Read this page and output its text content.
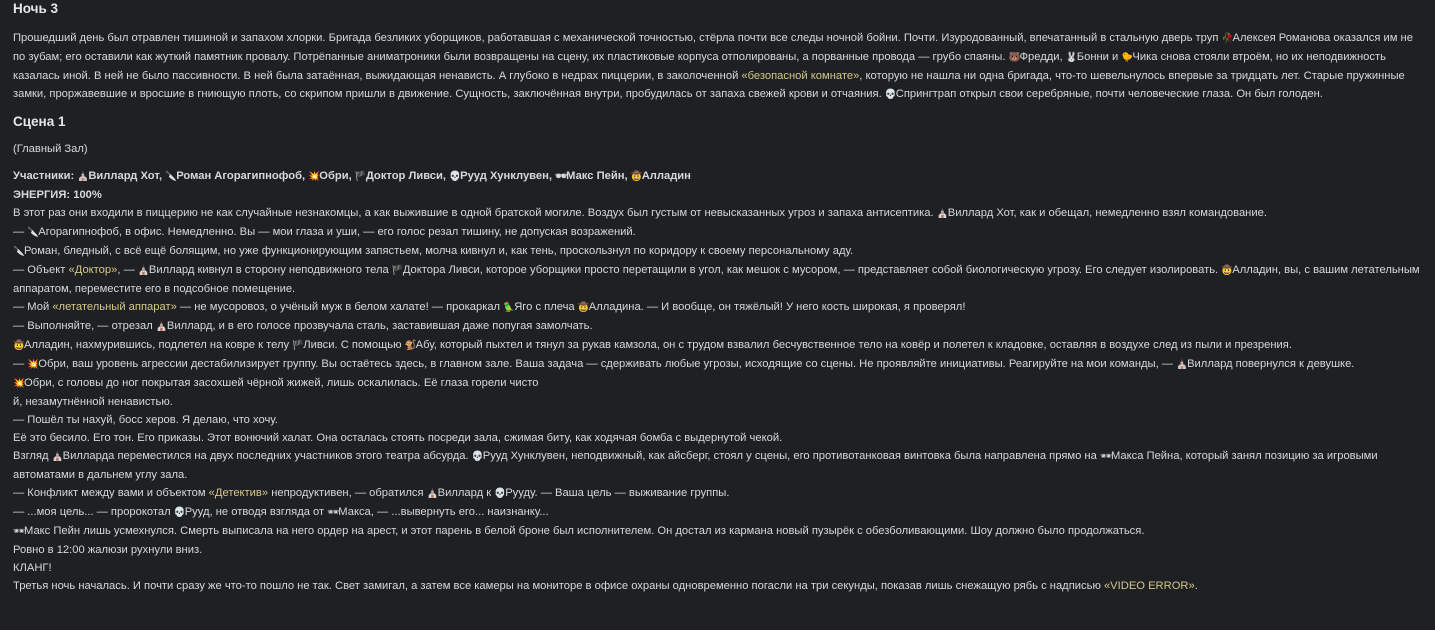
Ночь 3

Прошедший день был отравлен тишиной и запахом хлорки. Бригада безликих уборщиков, работавшая с механической точностью, стёрла почти все следы ночной бойни. Почти. Изуродованный, впечатанный в стальную дверь труп 🥀Алексея Романова оказался им не по зубам; его оставили как жуткий памятник провалу. Потрёпанные аниматроники были возвращены на сцену, их пластиковые корпуса отполированы, а порванные провода — грубо спаяны. 🐻Фредди, 🐰Бонни и 🐤Чика снова стояли втроём, но их неподвижность казалась иной. В ней не было пассивности. В ней была затаённая, выжидающая ненависть. А глубоко в недрах пиццерии, в заколоченной «безопасной комнате», которую не нашла ни одна бригада, что-то шевельнулось впервые за тридцать лет. Старые пружинные замки, проржавевшие и вросшие в гниющую плоть, со скрипом пришли в движение. Сущность, заключённая внутри, пробудилась от запаха свежей крови и отчаяния. 💀Спрингтрап открыл свои серебряные, почти человеческие глаза. Он был голоден.

Сцена 1

(Главный Зал)

Участники: ⛪Виллард Хот, 🔪Роман Агорагипнофоб, 💥Обри, 🏴Доктор Ливси, 💀Рууд Хунклувен, 🕶Макс Пейн, 🤠Алладин

ЭНЕРГИЯ: 100%

В этот раз они входили в пиццерию не как случайные незнакомцы, а как выжившие в одной братской могиле. Воздух был густым от невысказанных угроз и запаха антисептика. ⛪Виллард Хот, как и обещал, немедленно взял командование.

— 🔪Агорагипнофоб, в офис. Немедленно. Вы — мои глаза и уши, — его голос резал тишину, не допуская возражений.

🔪Роман, бледный, с всё ещё болящим, но уже функционирующим запястьем, молча кивнул и, как тень, проскользнул по коридору к своему персональному аду.

— Объект «Доктор», — ⛪Виллард кивнул в сторону неподвижного тела 🏴Доктора Ливси, которое уборщики просто перетащили в угол, как мешок с мусором, — представляет собой биологическую угрозу. Его следует изолировать. 🤠Алладин, вы, с вашим летательным аппаратом, переместите его в подсобное помещение.

— Мой «летательный аппарат» — не мусоровоз, о учёный муж в белом халате! — прокаркал 🦜Яго с плеча 🤠Алладина. — И вообще, он тяжёлый! У него кость широкая, я проверял!

— Выполняйте, — отрезал ⛪Виллард, и в его голосе прозвучала сталь, заставившая даже попугая замолчать.

🤠Алладин, нахмурившись, подлетел на ковре к телу 🏴Ливси. С помощью 🐒Абу, который пыхтел и тянул за рукав камзола, он с трудом взвалил бесчувственное тело на ковёр и полетел к кладовке, оставляя в воздухе след из пыли и презрения.

— 💥Обри, ваш уровень агрессии дестабилизирует группу. Вы остаётесь здесь, в главном зале. Ваша задача — сдерживать любые угрозы, исходящие со сцены. Не проявляйте инициативы. Реагируйте на мои команды, — ⛪Виллард повернулся к девушке.

💥Обри, с головы до ног покрытая засохшей чёрной жижей, лишь оскалилась. Её глаза горели чисто

й, незамутнённой ненавистью.

— Пошёл ты нахуй, босс херов. Я делаю, что хочу.

Её это бесило. Его тон. Его приказы. Этот вонючий халат. Она осталась стоять посреди зала, сжимая биту, как ходячая бомба с выдернутой чекой.

Взгляд ⛪Вилларда переместился на двух последних участников этого театра абсурда. 💀Рууд Хунклувен, неподвижный, как айсберг, стоял у сцены, его противотанковая винтовка была направлена прямо на 🕶Макса Пейна, который занял позицию за игровыми автоматами в дальнем углу зала.

— Конфликт между вами и объектом «Детектив» непродуктивен, — обратился ⛪Виллард к 💀Рууду. — Ваша цель — выживание группы.

— ...моя цель... — пророкотал 💀Рууд, не отводя взгляда от 🕶Макса, — ...вывернуть его... наизнанку...

🕶Макс Пейн лишь усмехнулся. Смерть выписала на него ордер на арест, и этот парень в белой броне был исполнителем. Он достал из кармана новый пузырёк с обезболивающими. Шоу должно было продолжаться.

Ровно в 12:00 жалюзи рухнули вниз.

КЛАНГ!

Третья ночь началась. И почти сразу же что-то пошло не так. Свет замигал, а затем все камеры на мониторе в офисе охраны одновременно погасли на три секунды, показав лишь снежащую рябь с надписью «VIDEO ERROR».
